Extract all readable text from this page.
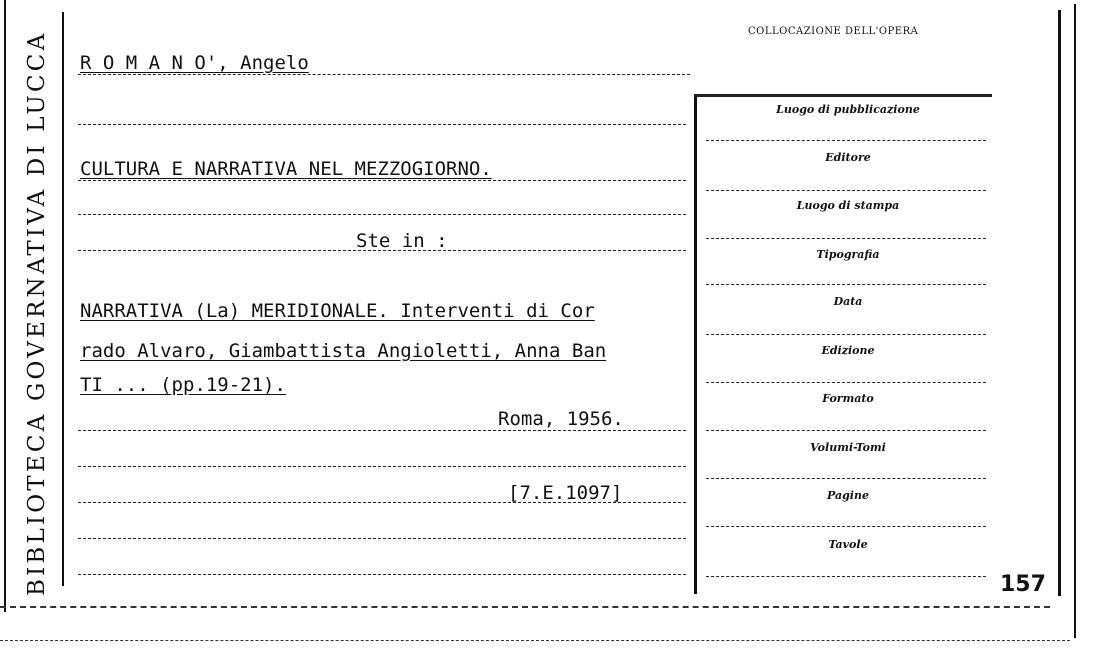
BIBLIOTECA GOVERNATIVA DI LUCCA R O M A N O', Angelo
CULTURA E NARRATIVA NEL MEZZOGIORNO.
Ste in :
NARRATIVA (La) MERIDIONALE. Interventi di Cor
rado Alvaro, Giambattista Angioletti, Anna Ban
TI ... (pp.19-21).
Roma, 1956.
[7.E.1097]
COLLOCAZIONE DELL'OPERA
Luogo di pubblicazione
Editore
Luogo di stampa
Tipografia
Data
Edizione
Formato
Volumi-Tomi
Pagine
Tavole
157
